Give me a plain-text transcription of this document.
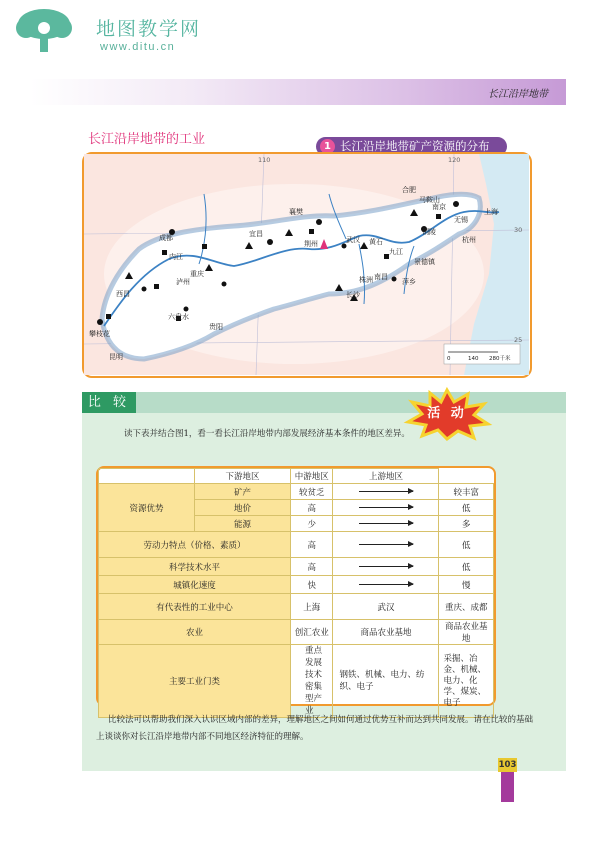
地图教学网
www.ditu.cn
长江沿岸地带
长江沿岸地带的工业	1 长江沿岸地带矿产资源的分布
成都
重庆
攀枝花
宜昌
荆州
襄樊
武汉
长沙
南昌
九江
马鞍山
南京
铜陵
上海
杭州
贵阳
昆明
景德镇
萍乡
内江
泸州
西昌
六盘水
株洲
黄石
合肥
无锡
110	120
30
25
0	140 280千米
比 较
活 动

读下表并结合图1，看一看长江沿岸地带内部发展经济基本条件的地区差异。

	下游地区	中游地区	上游地区	
资源优势	矿产	较贫乏		较丰富
	地价	高		低
	能源	少		多
劳动力特点（价格、素质）		高		低
科学技术水平		高		低
城镇化速度		快		慢
有代表性的工业中心		上海	武汉	重庆、成都
农业		创汇农业	商品农业基地	商品农业基地
主要工业门类		重点发展技术密集型产业	钢铁、机械、电力、纺织、电子	采掘、冶金、机械、电力、化学、煤炭、电子

比较法可以帮助我们深入认识区域内部的差异，理解地区之间如何通过优势互补而达到共同发展。请在比较的基础上谈谈你对长江沿岸地带内部不同地区经济特征的理解。

103
